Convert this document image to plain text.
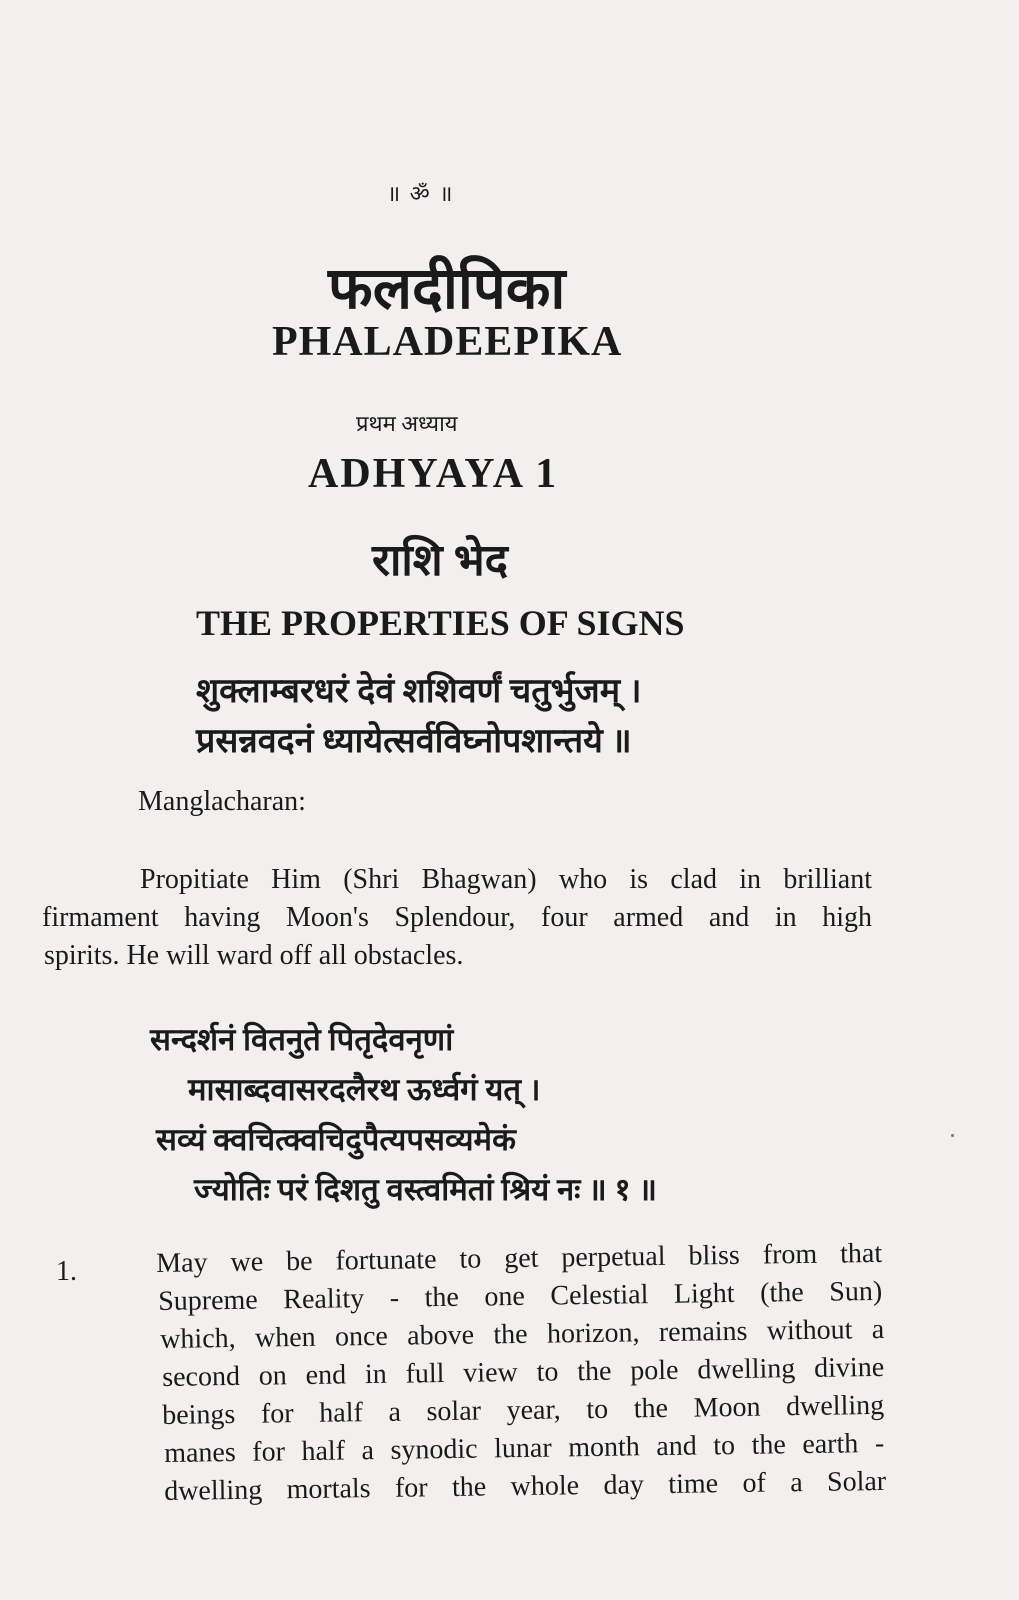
॥ ॐ ॥

फलदीपिका
PHALADEEPIKA

प्रथम अध्याय

ADHYAYA 1
राशि भेद
THE PROPERTIES OF SIGNS

शुक्लाम्बरधरं देवं शशिवर्णं चतुर्भुजम् ।

प्रसन्नवदनं ध्यायेत्सर्वविघ्नोपशान्तये ॥

Manglacharan:

Propitiate Him (Shri Bhagwan) who is clad in brilliant

firmament having Moon's Splendour, four armed and in high

spirits. He will ward off all obstacles.

सन्दर्शनं वितनुते पितृदेवनृणां

मासाब्दवासरदलैरथ ऊर्ध्वगं यत् ।

सव्यं क्वचित्क्वचिदुपैत्यपसव्यमेकं

ज्योतिः परं दिशतु वस्त्वमितां श्रियं नः ॥ १ ॥

1.	May we be fortunate to get perpetual bliss from that

Supreme Reality - the one Celestial Light (the Sun)

which, when once above the horizon, remains without a

second on end in full view to the pole dwelling divine

beings for half a solar year, to the Moon dwelling

manes for half a synodic lunar month and to the earth -

dwelling mortals for the whole day time of a Solar
